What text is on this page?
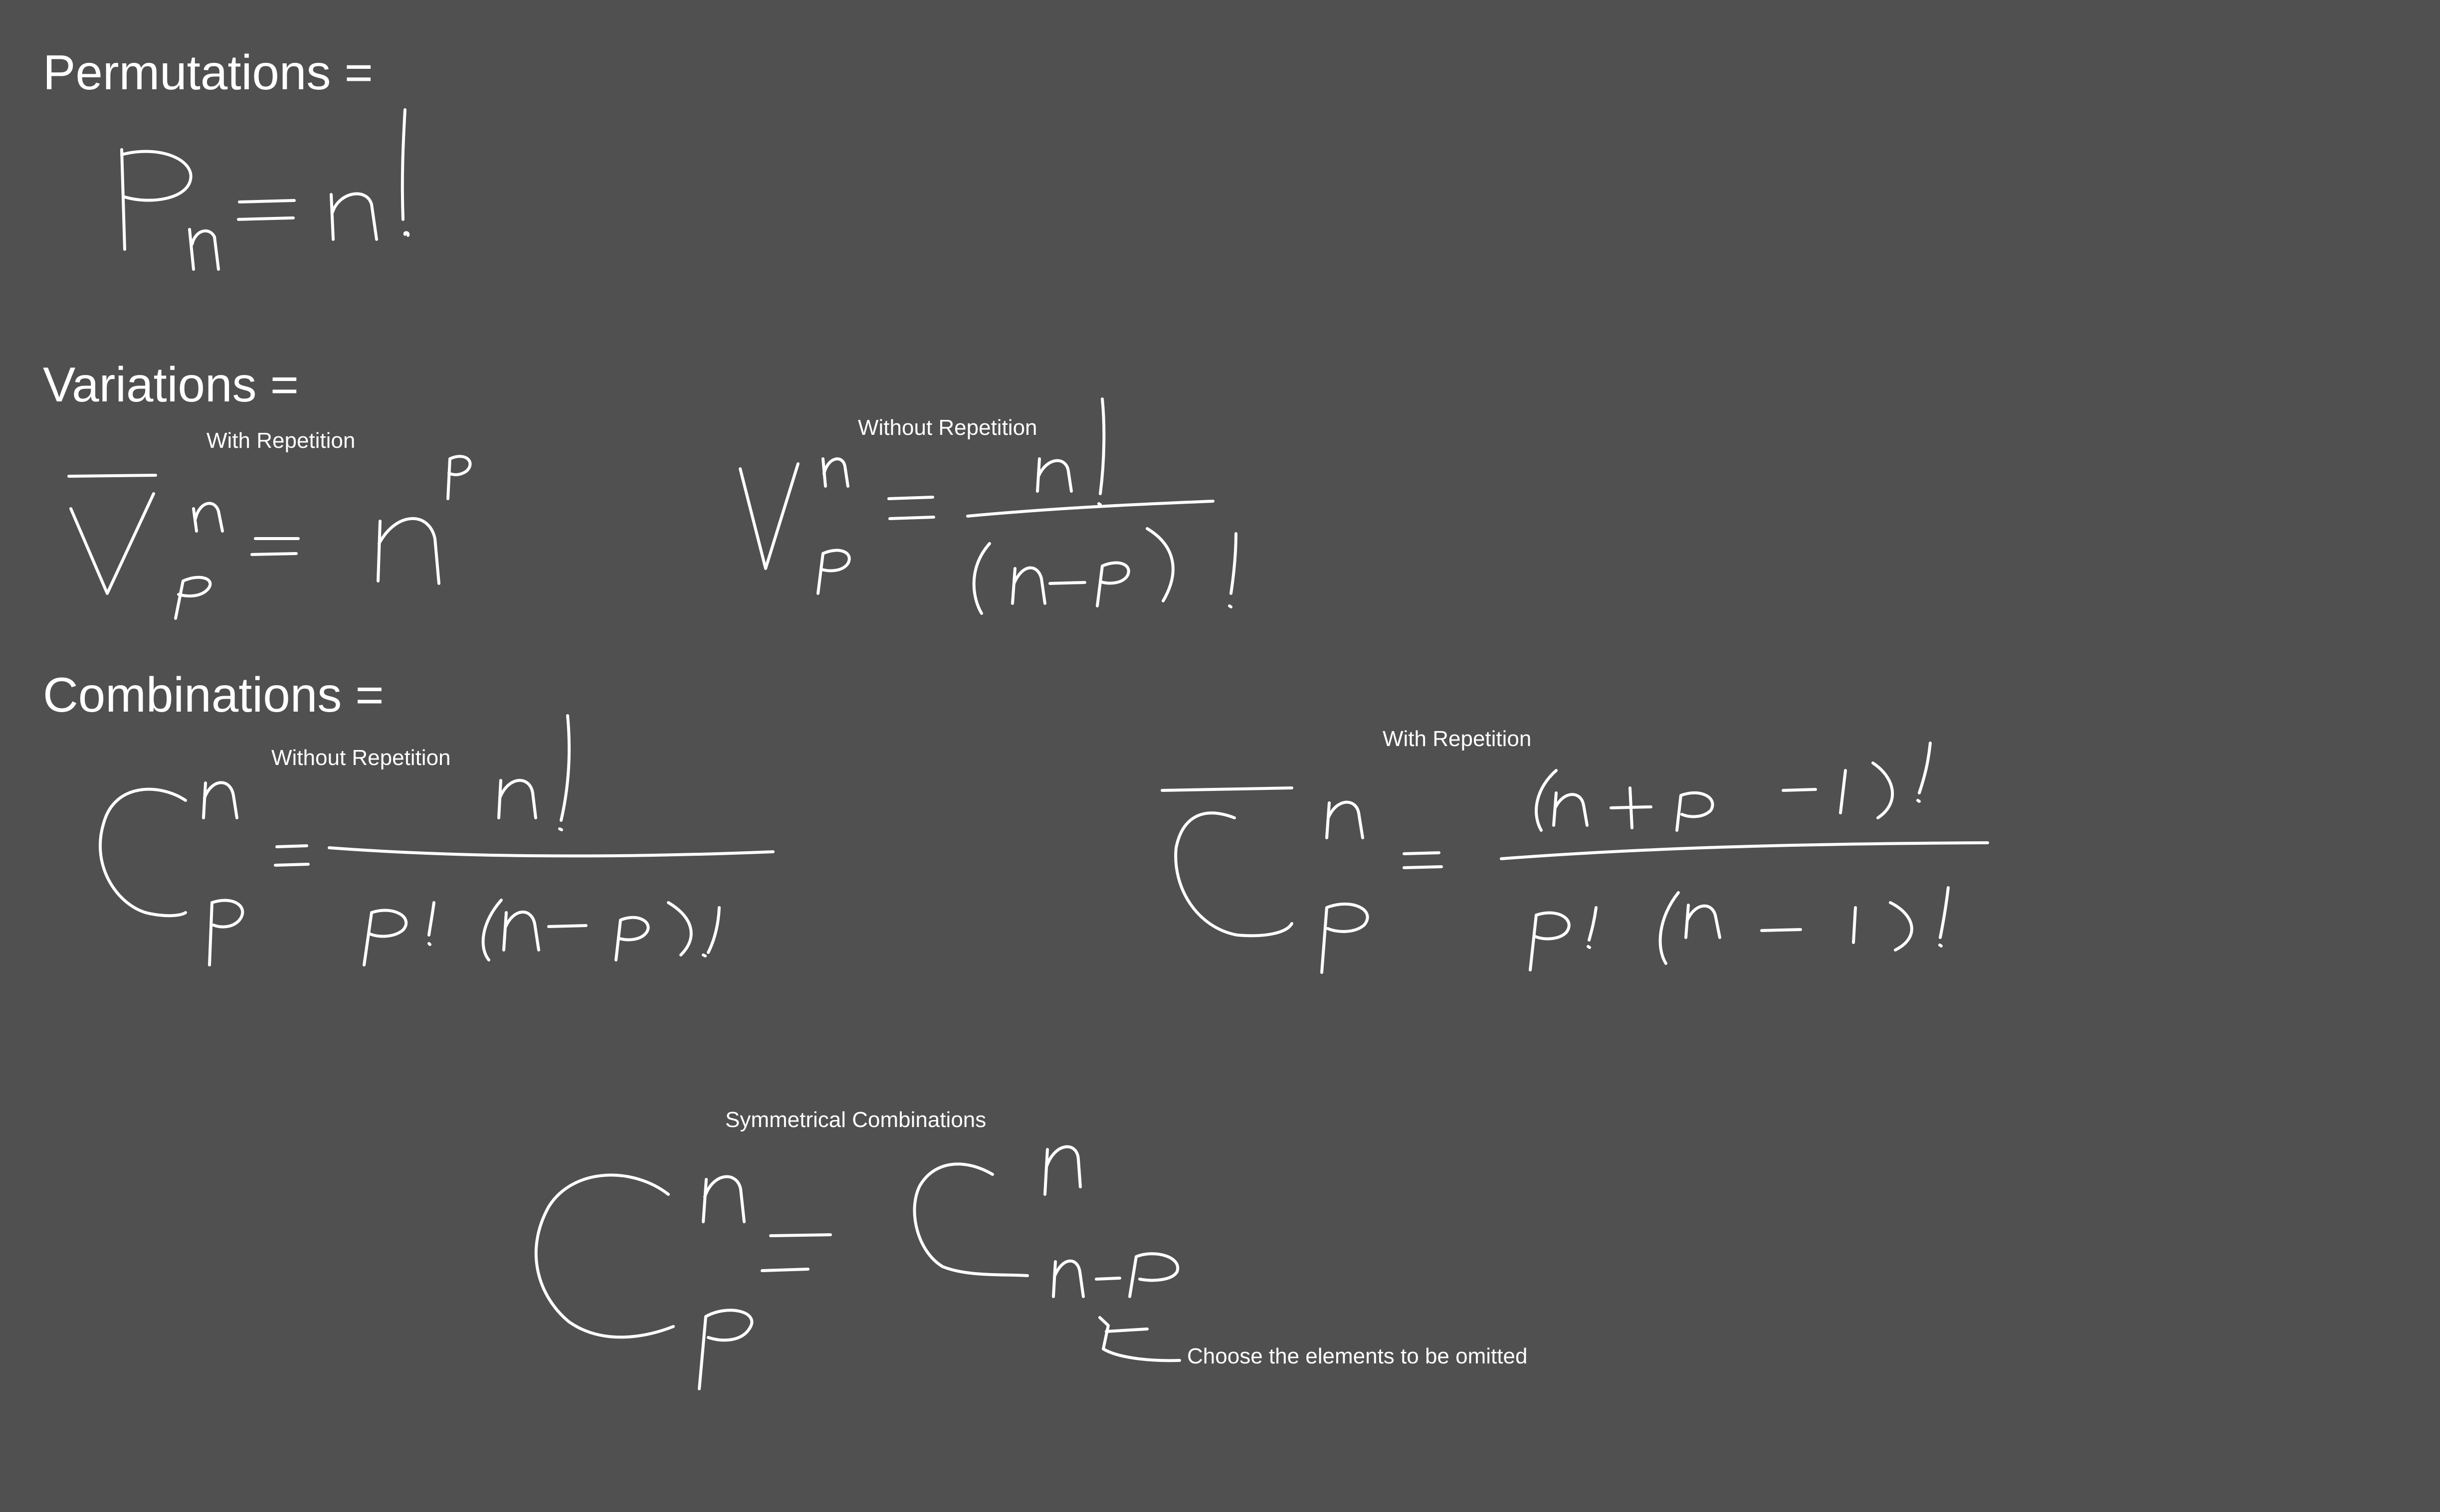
Permutations =
Variations =
Combinations =
With Repetition
Without Repetition
Without Repetition
With Repetition
Symmetrical Combinations
Choose the elements to be omitted
